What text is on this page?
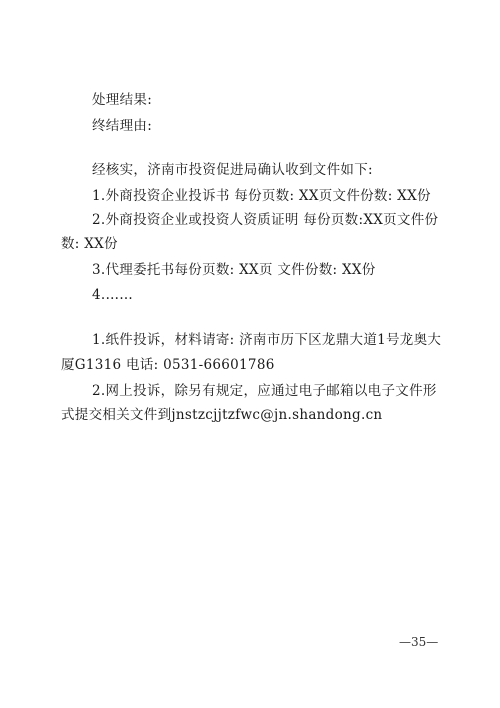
处理结果:
终结理由:
经核实，济南市投资促进局确认收到文件如下:
1.外商投资企业投诉书 每份页数: XX页文件份数: XX份
2.外商投资企业或投资人资质证明 每份页数:XX页文件份
数: XX份
3.代理委托书每份页数: XX页 文件份数: XX份
4.……
1.纸件投诉，材料请寄: 济南市历下区龙鼎大道1号龙奥大
厦G1316 电话: 0531-66601786
2.网上投诉，除另有规定，应通过电子邮箱以电子文件形
式提交相关文件到jnstzcjjtzfwc@jn.shandong.cn
—35—
